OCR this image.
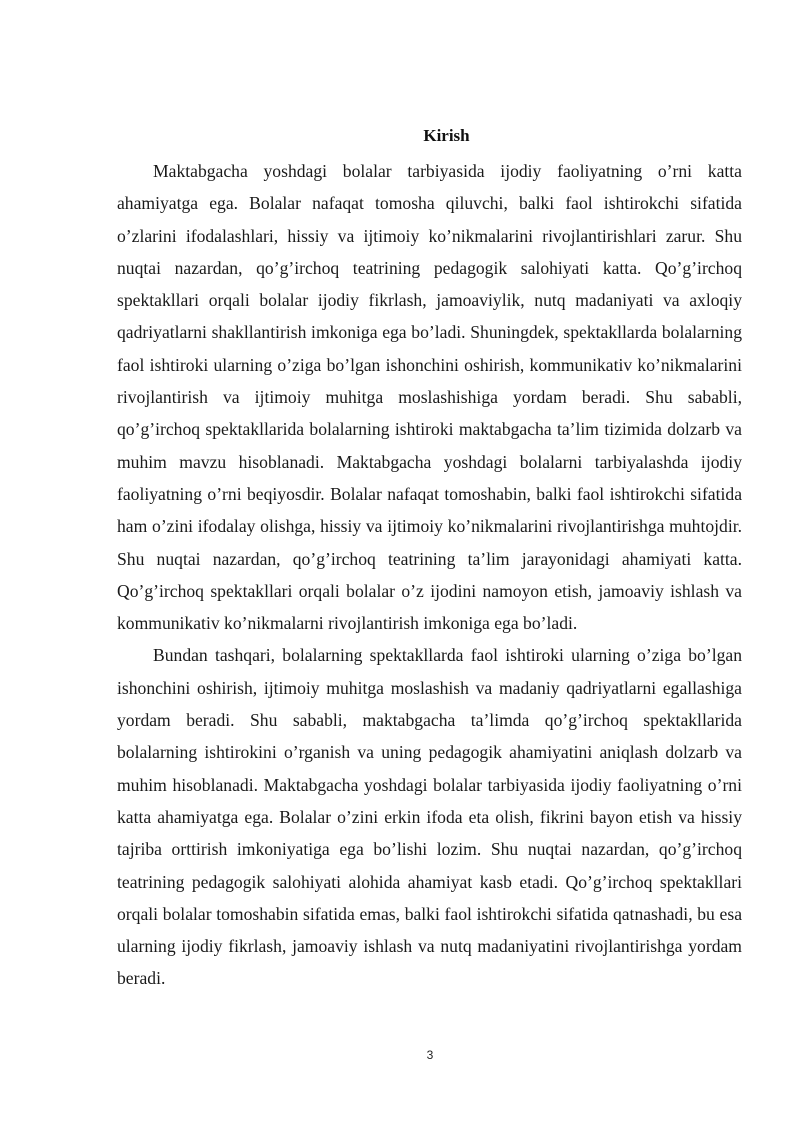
Kirish

Maktabgacha yoshdagi bolalar tarbiyasida ijodiy faoliyatning o’rni katta ahamiyatga ega. Bolalar nafaqat tomosha qiluvchi, balki faol ishtirokchi sifatida o’zlarini ifodalashlari, hissiy va ijtimoiy ko’nikmalarini rivojlantirishlari zarur. Shu nuqtai nazardan, qo’g’irchoq teatrining pedagogik salohiyati katta. Qo’g’irchoq spektakllari orqali bolalar ijodiy fikrlash, jamoaviylik, nutq madaniyati va axloqiy qadriyatlarni shakllantirish imkoniga ega bo’ladi. Shuningdek, spektakllarda bolalarning faol ishtiroki ularning o’ziga bo’lgan ishonchini oshirish, kommunikativ ko’nikmalarini rivojlantirish va ijtimoiy muhitga moslashishiga yordam beradi. Shu sababli, qo’g’irchoq spektakllarida bolalarning ishtiroki maktabgacha ta’lim tizimida dolzarb va muhim mavzu hisoblanadi. Maktabgacha yoshdagi bolalarni tarbiyalashda ijodiy faoliyatning o’rni beqiyosdir. Bolalar nafaqat tomoshabin, balki faol ishtirokchi sifatida ham o’zini ifodalay olishga, hissiy va ijtimoiy ko’nikmalarini rivojlantirishga muhtojdir. Shu nuqtai nazardan, qo’g’irchoq teatrining ta’lim jarayonidagi ahamiyati katta. Qo’g’irchoq spektakllari orqali bolalar o’z ijodini namoyon etish, jamoaviy ishlash va kommunikativ ko’nikmalarni rivojlantirish imkoniga ega bo’ladi.

Bundan tashqari, bolalarning spektakllarda faol ishtiroki ularning o’ziga bo’lgan ishonchini oshirish, ijtimoiy muhitga moslashish va madaniy qadriyatlarni egallashiga yordam beradi. Shu sababli, maktabgacha ta’limda qo’g’irchoq spektakllarida bolalarning ishtirokini o’rganish va uning pedagogik ahamiyatini aniqlash dolzarb va muhim hisoblanadi. Maktabgacha yoshdagi bolalar tarbiyasida ijodiy faoliyatning o’rni katta ahamiyatga ega. Bolalar o’zini erkin ifoda eta olish, fikrini bayon etish va hissiy tajriba orttirish imkoniyatiga ega bo’lishi lozim. Shu nuqtai nazardan, qo’g’irchoq teatrining pedagogik salohiyati alohida ahamiyat kasb etadi. Qo’g’irchoq spektakllari orqali bolalar tomoshabin sifatida emas, balki faol ishtirokchi sifatida qatnashadi, bu esa ularning ijodiy fikrlash, jamoaviy ishlash va nutq madaniyatini rivojlantirishga yordam beradi.

3
